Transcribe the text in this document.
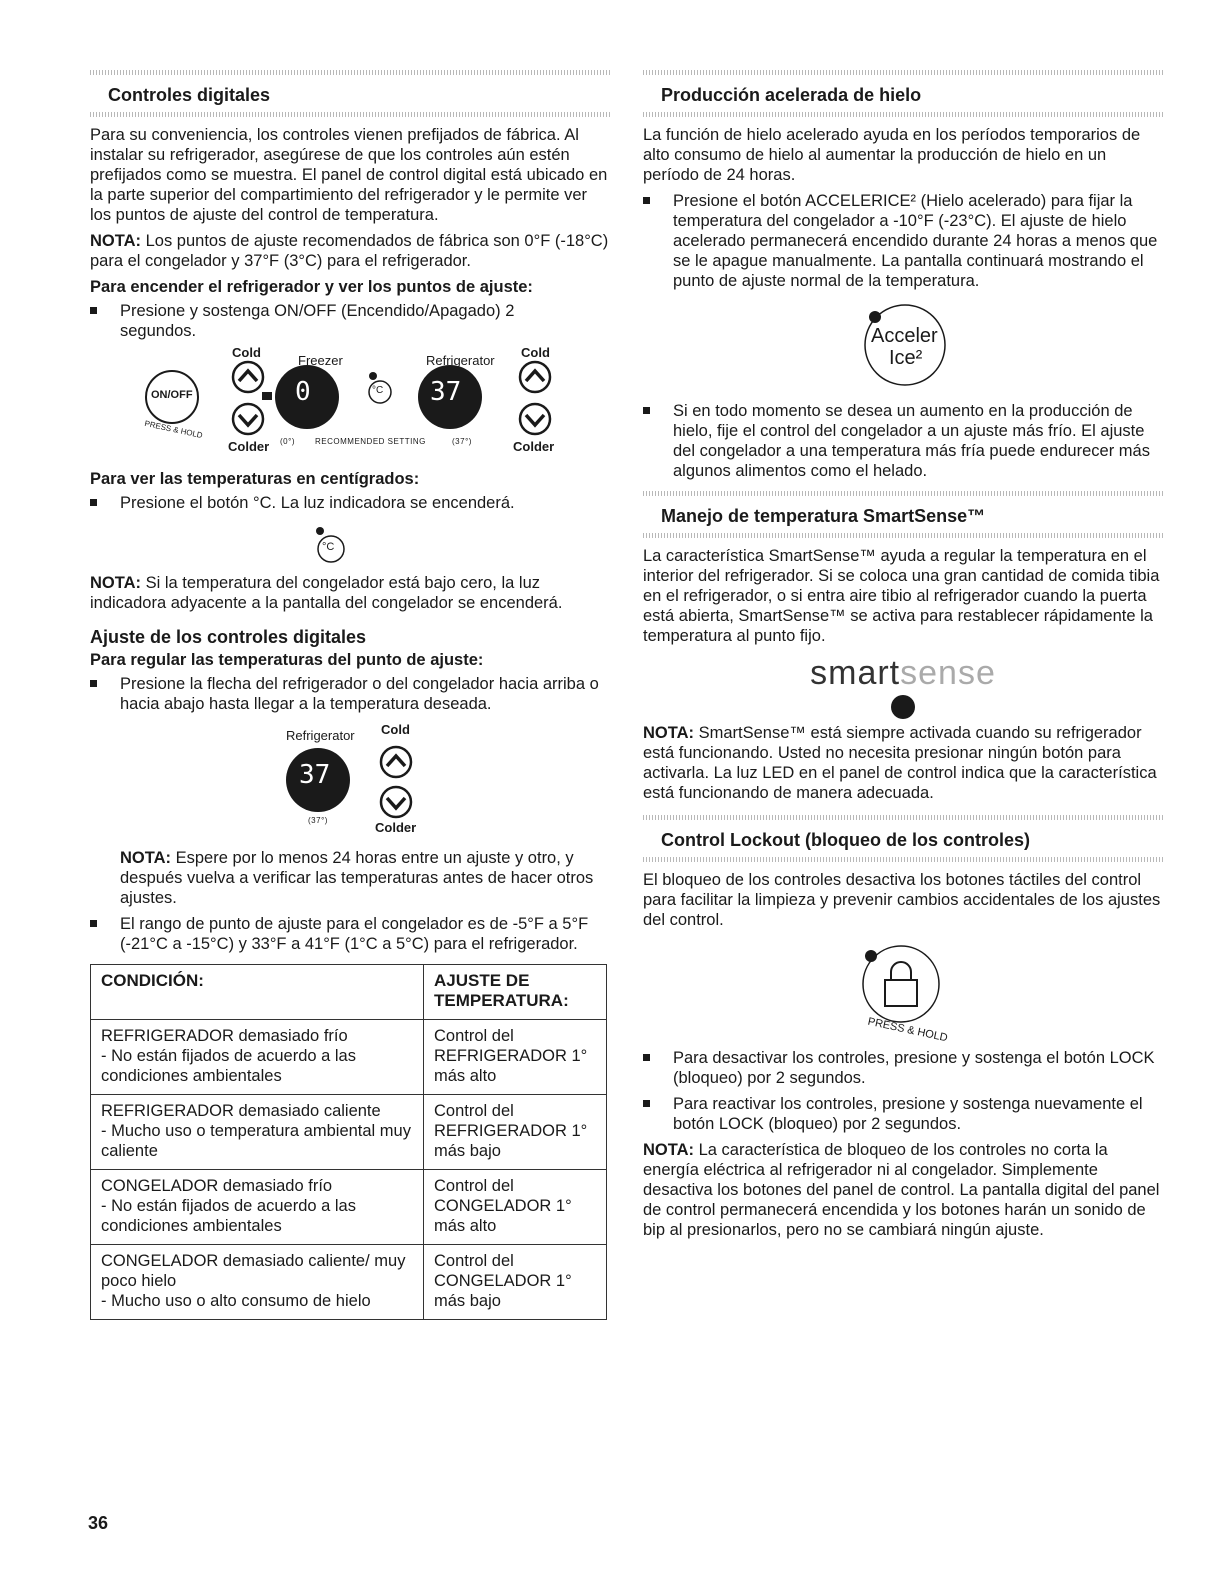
Controles digitales

Para su conveniencia, los controles vienen prefijados de fábrica. Al instalar su refrigerador, asegúrese de que los controles aún estén prefijados como se muestra. El panel de control digital está ubicado en la parte superior del compartimiento del refrigerador y le permite ver los puntos de ajuste del control de temperatura.

NOTA: Los puntos de ajuste recomendados de fábrica son 0°F (-18°C) para el congelador y 37°F (3°C) para el refrigerador.

Para encender el refrigerador y ver los puntos de ajuste:
Presione y sostenga ON/OFF (Encendido/Apagado) 2 segundos.
Cold
Freezer	Refrigerator
Cold
ON/OFF
PRESS & HOLD
°C
0	37
(0°)	RECOMMENDED SETTING	(37°)
Colder	Colder
Para ver las temperaturas en centígrados:
Presione el botón °C. La luz indicadora se encenderá.
°C

NOTA: Si la temperatura del congelador está bajo cero, la luz indicadora adyacente a la pantalla del congelador se encenderá.

Ajuste de los controles digitales
Para regular las temperaturas del punto de ajuste:
Presione la flecha del refrigerador o del congelador hacia arriba o hacia abajo hasta llegar a la temperatura deseada.
Refrigerator Cold
37
(37°)	Colder

NOTA: Espere por lo menos 24 horas entre un ajuste y otro, y después vuelva a verificar las temperaturas antes de hacer otros ajustes.

El rango de punto de ajuste para el congelador es de -5°F a 5°F (-21°C a -15°C) y 33°F a 41°F (1°C a 5°C) para el refrigerador.
CONDICIÓN:	AJUSTE DE TEMPERATURA:

REFRIGERADOR demasiado frío
- No están fijados de acuerdo a las condiciones ambientales	Control del
REFRIGERADOR 1°
más alto

REFRIGERADOR demasiado caliente
- Mucho uso o temperatura ambiental muy caliente	Control del
REFRIGERADOR 1°
más bajo

CONGELADOR demasiado frío
- No están fijados de acuerdo a las condiciones ambientales	Control del
CONGELADOR 1°
más alto

CONGELADOR demasiado caliente/ muy poco hielo
- Mucho uso o alto consumo de hielo	Control del
CONGELADOR 1°
más bajo
Producción acelerada de hielo

La función de hielo acelerado ayuda en los períodos temporarios de alto consumo de hielo al aumentar la producción de hielo en un período de 24 horas.

Presione el botón ACCELERICE² (Hielo acelerado) para fijar la temperatura del congelador a -10°F (-23°C). El ajuste de hielo acelerado permanecerá encendido durante 24 horas a menos que se le apague manualmente. La pantalla continuará mostrando el punto de ajuste normal de la temperatura.
Acceler
Ice²
Si en todo momento se desea un aumento en la producción de hielo, fije el control del congelador a un ajuste más frío. El ajuste del congelador a una temperatura más fría puede endurecer más algunos alimentos como el helado.
Manejo de temperatura SmartSense™

La característica SmartSense™ ayuda a regular la temperatura en el interior del refrigerador. Si se coloca una gran cantidad de comida tibia en el refrigerador, o si entra aire tibio al refrigerador cuando la puerta está abierta, SmartSense™ se activa para restablecer rápidamente la temperatura al punto fijo.

smartsense

NOTA: SmartSense™ está siempre activada cuando su refrigerador está funcionando. Usted no necesita presionar ningún botón para activarla. La luz LED en el panel de control indica que la característica está funcionando de manera adecuada.

Control Lockout (bloqueo de los controles)

El bloqueo de los controles desactiva los botones táctiles del control para facilitar la limpieza y prevenir cambios accidentales de los ajustes del control.

PRESS & HOLD
Para desactivar los controles, presione y sostenga el botón LOCK (bloqueo) por 2 segundos.
Para reactivar los controles, presione y sostenga nuevamente el botón LOCK (bloqueo) por 2 segundos.

NOTA: La característica de bloqueo de los controles no corta la energía eléctrica al refrigerador ni al congelador. Simplemente desactiva los botones del panel de control. La pantalla digital del panel de control permanecerá encendida y los botones harán un sonido de bip al presionarlos, pero no se cambiará ningún ajuste.

36
